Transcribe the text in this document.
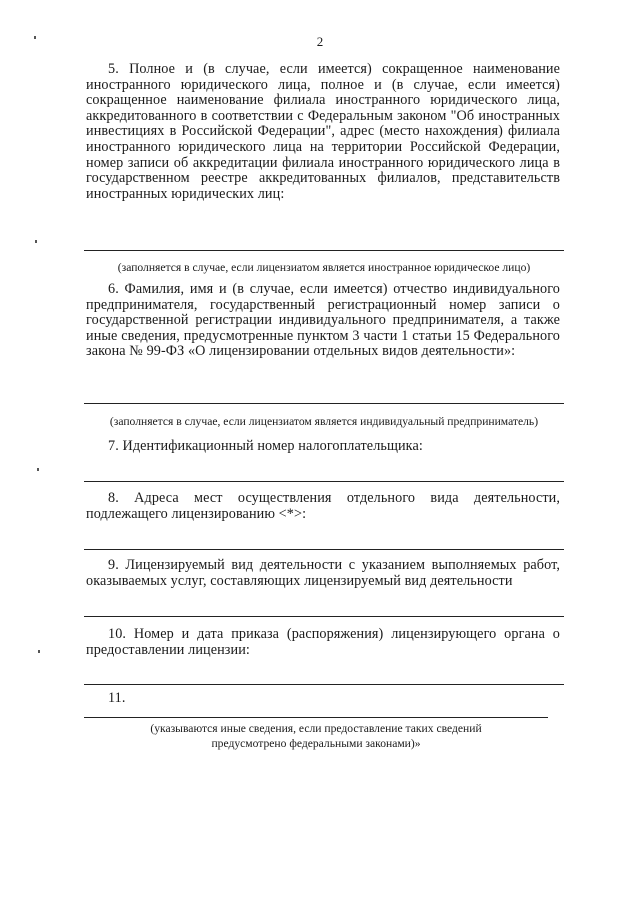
2
5. Полное и (в случае, если имеется) сокращенное наименование иностранного юридического лица, полное и (в случае, если имеется) сокращенное наименование филиала иностранного юридического лица, аккредитованного в соответствии с Федеральным законом "Об иностранных инвестициях в Российской Федерации", адрес (место нахождения) филиала иностранного юридического лица на территории Российской Федерации, номер записи об аккредитации филиала иностранного юридического лица в государственном реестре аккредитованных филиалов, представительств иностранных юридических лиц:
(заполняется в случае, если лицензиатом является иностранное юридическое лицо)
6. Фамилия, имя и (в случае, если имеется) отчество индивидуального предпринимателя, государственный регистрационный номер записи о государственной регистрации индивидуального предпринимателя, а также иные сведения, предусмотренные пунктом 3 части 1 статьи 15 Федерального закона № 99-ФЗ «О лицензировании отдельных видов деятельности»:
(заполняется в случае, если лицензиатом является индивидуальный предприниматель)
7. Идентификационный номер налогоплательщика:
8. Адреса мест осуществления отдельного вида деятельности, подлежащего лицензированию <*>:
9. Лицензируемый вид деятельности с указанием выполняемых работ, оказываемых услуг, составляющих лицензируемый вид деятельности
10. Номер и дата приказа (распоряжения) лицензирующего органа о предоставлении лицензии:
11.
(указываются иные сведения, если предоставление таких сведений
предусмотрено федеральными законами)»
